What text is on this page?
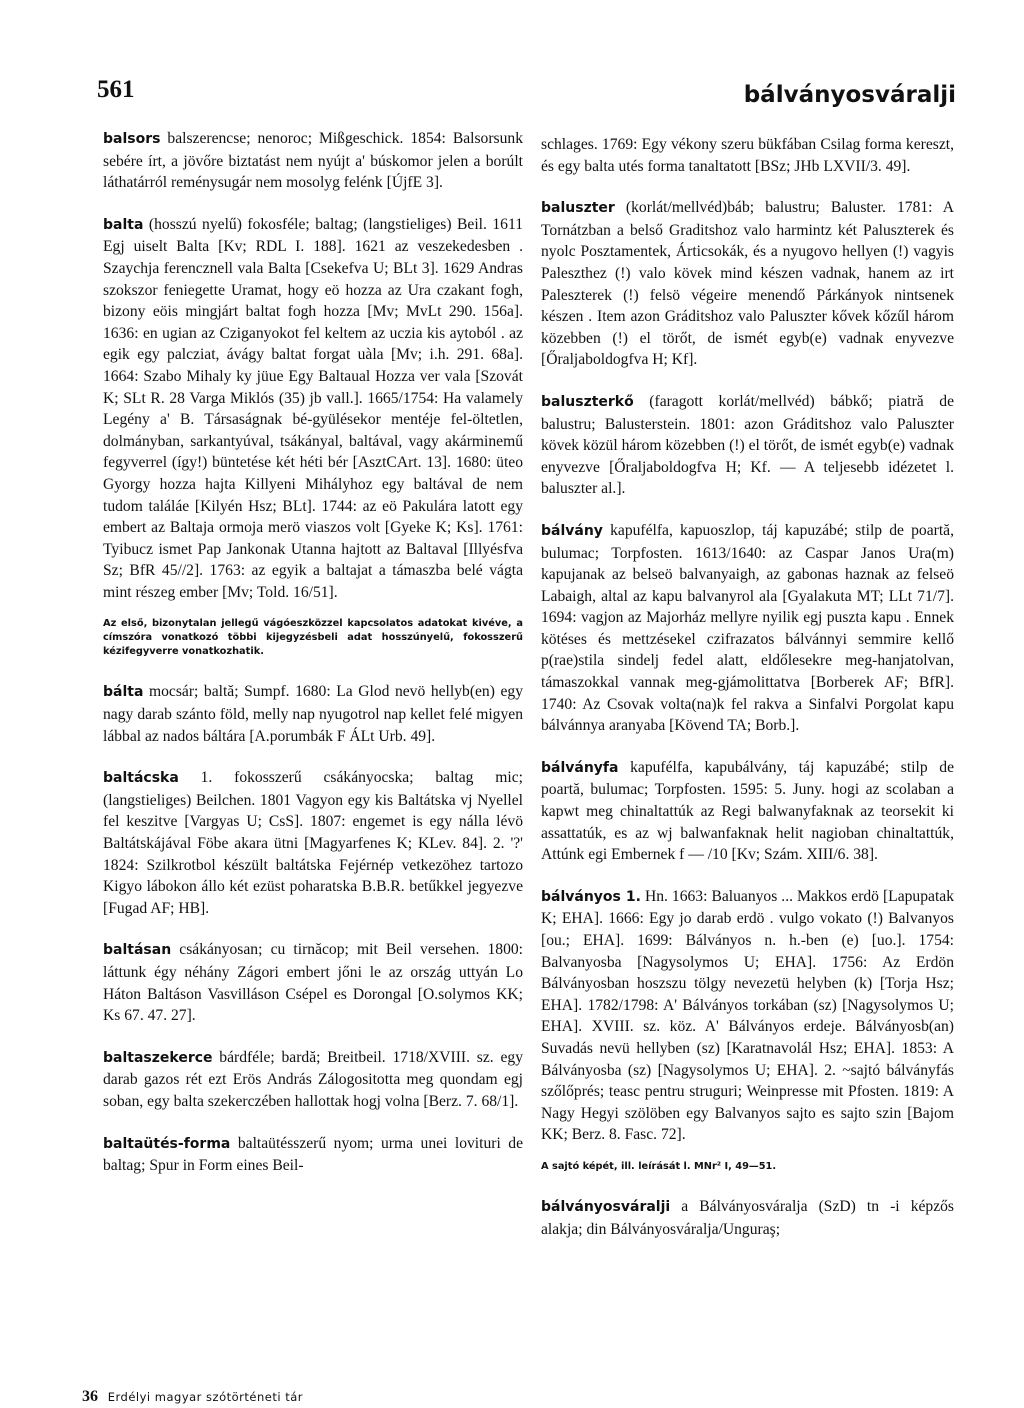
561	bálványosváralji
balsors balszerencse; nenoroc; Mißgeschick. 1854: Balsorsunk sebére írt, a jövőre biztatást nem nyújt a' búskomor jelen a borúlt láthatárról reménysugár nem mosolyg felénk [ÚjfE 3].
balta (hosszú nyelű) fokosféle; baltag; (langstieliges) Beil. 1611 Egj uiselt Balta [Kv; RDL I. 188]. 1621 az veszekedesben . Szaychja ferencznell vala Balta [Csekefva U; BLt 3]. 1629 Andras szokszor feniegette Uramat, hogy eö hozza az Ura czakant fogh, bizony eöis mingjárt baltat fogh hozza [Mv; MvLt 290. 156a]. 1636: en ugian az Cziganyokot fel keltem az uczia kis aytoból . az egik egy palcziat, ávágy baltat forgat uàla [Mv; i.h. 291. 68a]. 1664: Szabo Mihaly ky jüue Egy Baltaual Hozza ver vala [Szovát K; SLt R. 28 Varga Miklós (35) jb vall.]. 1665/1754: Ha valamely Legény a' B. Társaságnak bé-gyülésekor mentéje fel-öltetlen, dolmányban, sarkantyúval, tsákányal, baltával, vagy akárminemű fegyverrel (így!) büntetése két héti bér [AsztCArt. 13]. 1680: üteo Gyorgy hozza hajta Killyeni Mihályhoz egy baltával de nem tudom találáe [Kilyén Hsz; BLt]. 1744: az eö Pakulára latott egy embert az Baltaja ormoja merö viaszos volt [Gyeke K; Ks]. 1761: Tyibucz ismet Pap Jankonak Utanna hajtott az Baltaval [Illyésfva Sz; BfR 45//2]. 1763: az egyik a baltajat a támaszba belé vágta mint részeg ember [Mv; Told. 16/51].
Az első, bizonytalan jellegű vágóeszközzel kapcsolatos adatokat kivéve, a címszóra vonatkozó többi kijegyzésbeli adat hosszúnyelű, fokosszerű kézifegyverre vonatkozhatik.
bálta mocsár; baltă; Sumpf. 1680: La Glod nevö hellyb(en) egy nagy darab szánto föld, melly nap nyugotrol nap kellet felé migyen lábbal az nados báltára [A.porumbák F ÁLt Urb. 49].
baltácska 1. fokosszerű csákányocska; baltag mic; (langstieliges) Beilchen. 1801 Vagyon egy kis Baltátska vj Nyellel fel keszitve [Vargyas U; CsS]. 1807: engemet is egy nálla lévö Baltátskájával Föbe akara ütni [Magyarfenes K; KLev. 84]. 2. '?' 1824: Szilkrotbol készült baltátska Fejérnép vetkezöhez tartozo Kigyo lábokon állo két ezüst poharatska B.B.R. betűkkel jegyezve [Fugad AF; HB].
baltásan csákányosan; cu tirnăcop; mit Beil versehen. 1800: láttunk égy néhány Zágori embert jőni le az ország uttyán Lo Háton Baltáson Vasvilláson Csépel es Dorongal [O.solymos KK; Ks 67. 47. 27].
baltaszekerce bárdféle; bardă; Breitbeil. 1718/XVIII. sz. egy darab gazos rét ezt Erös András Zálogositotta meg quondam egj soban, egy balta szekerczében hallottak hogj volna [Berz. 7. 68/1].
baltaütés-forma baltaütésszerű nyom; urma unei lovituri de baltag; Spur in Form eines Beil-
schlages. 1769: Egy vékony szeru bükfában Csilag forma kereszt, és egy balta utés forma tanaltatott [BSz; JHb LXVII/3. 49].
baluszter (korlát/mellvéd)báb; balustru; Baluster. 1781: A Tornátzban a belső Graditshoz valo harmintz két Paluszterek és nyolc Posztamentek, Árticsokák, és a nyugovo hellyen (!) vagyis Paleszthez (!) valo kövek mind készen vadnak, hanem az irt Paleszterek (!) felsö végeire menendő Párkányok nintsenek készen . Item azon Gráditshoz valo Paluszter kővek kőzűl három közebben (!) el törőt, de ismét egyb(e) vadnak enyvezve [Őraljaboldogfva H; Kf].
baluszterkő (faragott korlát/mellvéd) bábkő; piatră de balustru; Balusterstein. 1801: azon Gráditshoz valo Paluszter kövek közül három közebben (!) el törőt, de ismét egyb(e) vadnak enyvezve [Őraljaboldogfva H; Kf. — A teljesebb idézetet l. baluszter al.].
bálvány kapufélfa, kapuoszlop, táj kapuzábé; stilp de poartă, bulumac; Torpfosten. 1613/1640: az Caspar Janos Ura(m) kapujanak az belseö balvanyaigh, az gabonas haznak az felseö Labaigh, altal az kapu balvanyrol ala [Gyalakuta MT; LLt 71/7]. 1694: vagjon az Majorház mellyre nyilik egj puszta kapu . Ennek kötéses és mettzésekel czifrazatos bálvánnyi semmire kellő p(rae)stila sindelj fedel alatt, eldőlesekre meg-hanjatolvan, támaszokkal vannak meg-gjámolittatva [Borberek AF; BfR]. 1740: Az Csovak volta(na)k fel rakva a Sinfalvi Porgolat kapu bálvánnya aranyaba [Kövend TA; Borb.].
bálványfa kapufélfa, kapubálvány, táj kapuzábé; stilp de poartă, bulumac; Torpfosten. 1595: 5. Juny. hogi az scolaban a kapwt meg chinaltattúk az Regi balwanyfaknak az teorsekit ki assattatúk, es az wj balwanfaknak helit nagioban chinaltattúk, Attúnk egi Embernek f — /10 [Kv; Szám. XIII/6. 38].
bálványos 1. Hn. 1663: Baluanyos ... Makkos erdö [Lapupatak K; EHA]. 1666: Egy jo darab erdö . vulgo vokato (!) Balvanyos [ou.; EHA]. 1699: Bálványos n. h.-ben (e) [uo.]. 1754: Balvanyosba [Nagysolymos U; EHA]. 1756: Az Erdön Bálványosban hoszszu tölgy nevezetü helyben (k) [Torja Hsz; EHA]. 1782/1798: A' Bálványos torkában (sz) [Nagysolymos U; EHA]. XVIII. sz. köz. A' Bálványos erdeje. Bálványosb(an) Suvadás nevü hellyben (sz) [Karatnavolál Hsz; EHA]. 1853: A Bálványosba (sz) [Nagysolymos U; EHA]. 2. ~sajtó bálványfás szőlőprés; teasc pentru struguri; Weinpresse mit Pfosten. 1819: A Nagy Hegyi szölöben egy Balvanyos sajto es sajto szin [Bajom KK; Berz. 8. Fasc. 72].
A sajtó képét, ill. leírását l. MNr² I, 49—51.
bálványosváralji a Bálványosváralja (SzD) tn -i képzős alakja; din Bálványosváralja/Unguraş;
36 Erdélyi magyar szótörténeti tár
